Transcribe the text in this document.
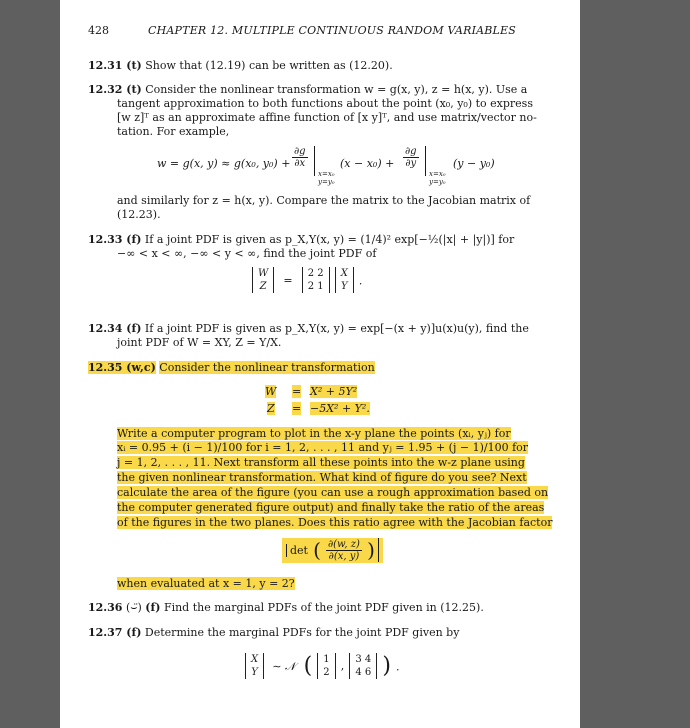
428	CHAPTER 12. MULTIPLE CONTINUOUS RANDOM VARIABLES
12.31 (t) Show that (12.19) can be written as (12.20).
12.32 (t) Consider the nonlinear transformation w = g(x, y), z = h(x, y). Use a
tangent approximation to both functions about the point (x₀, y₀) to express
[w z]ᵀ as an approximate affine function of [x y]ᵀ, and use matrix/vector no-
tation. For example,
w = g(x, y) ≈ g(x₀, $y_0) + \frac{\partial g}{\partial x}$
x=x₀
y=y₀
$(x - x_0) + \frac{\partial g}{\partial y}$
x=x₀
y=y₀
(y − y₀)
and similarly for z = h(x, y). Compare the matrix to the Jacobian matrix of
(12.23).
12.33 (f) If a joint PDF is given as p_X,Y(x, y) = (1/4)² exp[−½(|x| + |y|)] for
−∞ < x < ∞, −∞ < y < ∞, find the joint PDF of
W
Z = 2 2
2 1

X
Y .
12.34 (f) If a joint PDF is given as p_X,Y(x, y) = exp[−(x + y)]u(x)u(y), find the
joint PDF of W = XY, Z = Y/X.
12.35 (w,c) Consider the nonlinear transformation
W = X² + 5Y²
Z = −5X² + Y².
Write a computer program to plot in the x-y plane the points (xᵢ, yⱼ) for
xᵢ = 0.95 + (i − 1)/100 for i = 1, 2, . . . , 11 and yⱼ = 1.95 + (j − 1)/100 for
j = 1, 2, . . . , 11. Next transform all these points into the w-z plane using
the given nonlinear transformation. What kind of figure do you see? Next
calculate the area of the figure (you can use a rough approximation based on
the computer generated figure output) and finally take the ratio of the areas
of the figures in the two planes. Does this ratio agree with the Jacobian factor
det ( $\frac{\partial(w, z)}{\partial(x, y)}$ )
when evaluated at x = 1, y = 2?
12.36 (⌣̈) (f) Find the marginal PDFs of the joint PDF given in (12.25).
12.37 (f) Determine the marginal PDFs for the joint PDF given by
X
Y ∼ 𝒩 ( 1
2 , 3 4
4 6 ) .
